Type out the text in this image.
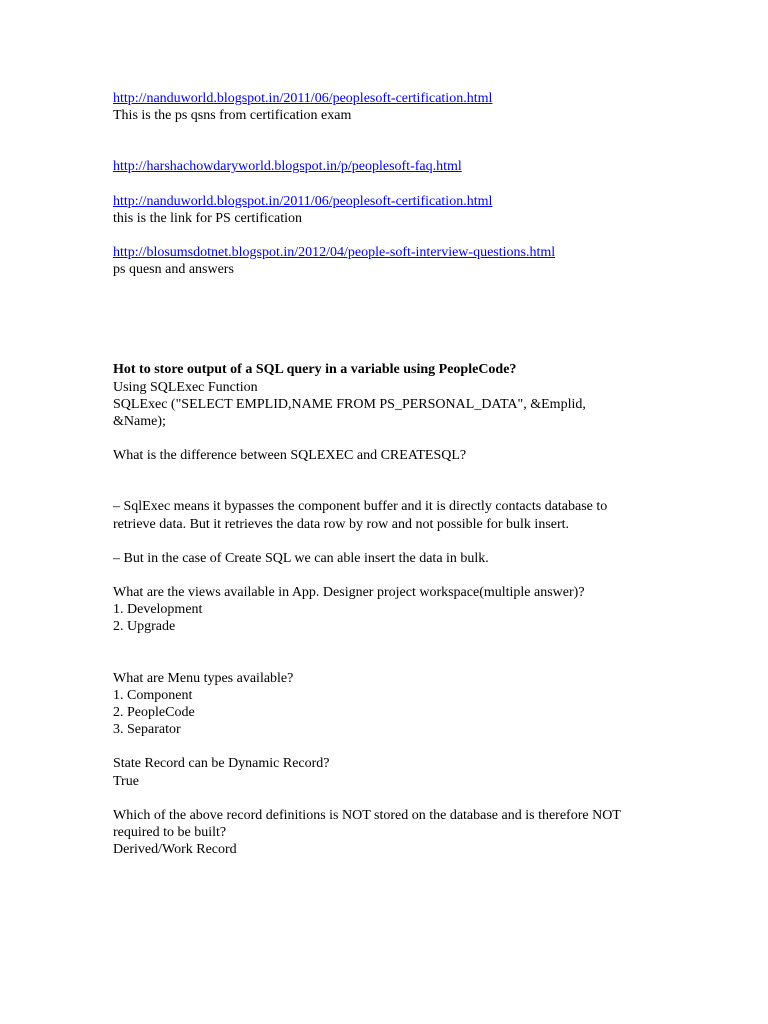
http://nanduworld.blogspot.in/2011/06/peoplesoft-certification.html
This is the ps qsns from certification exam
http://harshachowdaryworld.blogspot.in/p/peoplesoft-faq.html
http://nanduworld.blogspot.in/2011/06/peoplesoft-certification.html
this is the link for PS certification
http://blosumsdotnet.blogspot.in/2012/04/people-soft-interview-questions.html
ps quesn and answers
Hot to store output of a SQL query in a variable using PeopleCode?
Using SQLExec Function
SQLExec ("SELECT EMPLID,NAME FROM PS_PERSONAL_DATA", &Emplid,
&Name);
What is the difference between SQLEXEC and CREATESQL?
– SqlExec means it bypasses the component buffer and it is directly contacts database to retrieve data. But it retrieves the data row by row and not possible for bulk insert.
– But in the case of Create SQL we can able insert the data in bulk.
What are the views available in App. Designer project workspace(multiple answer)?
1. Development
2. Upgrade
What are Menu types available?
1. Component
2. PeopleCode
3. Separator
State Record can be Dynamic Record?
True
Which of the above record definitions is NOT stored on the database and is therefore NOT required to be built?
Derived/Work Record
